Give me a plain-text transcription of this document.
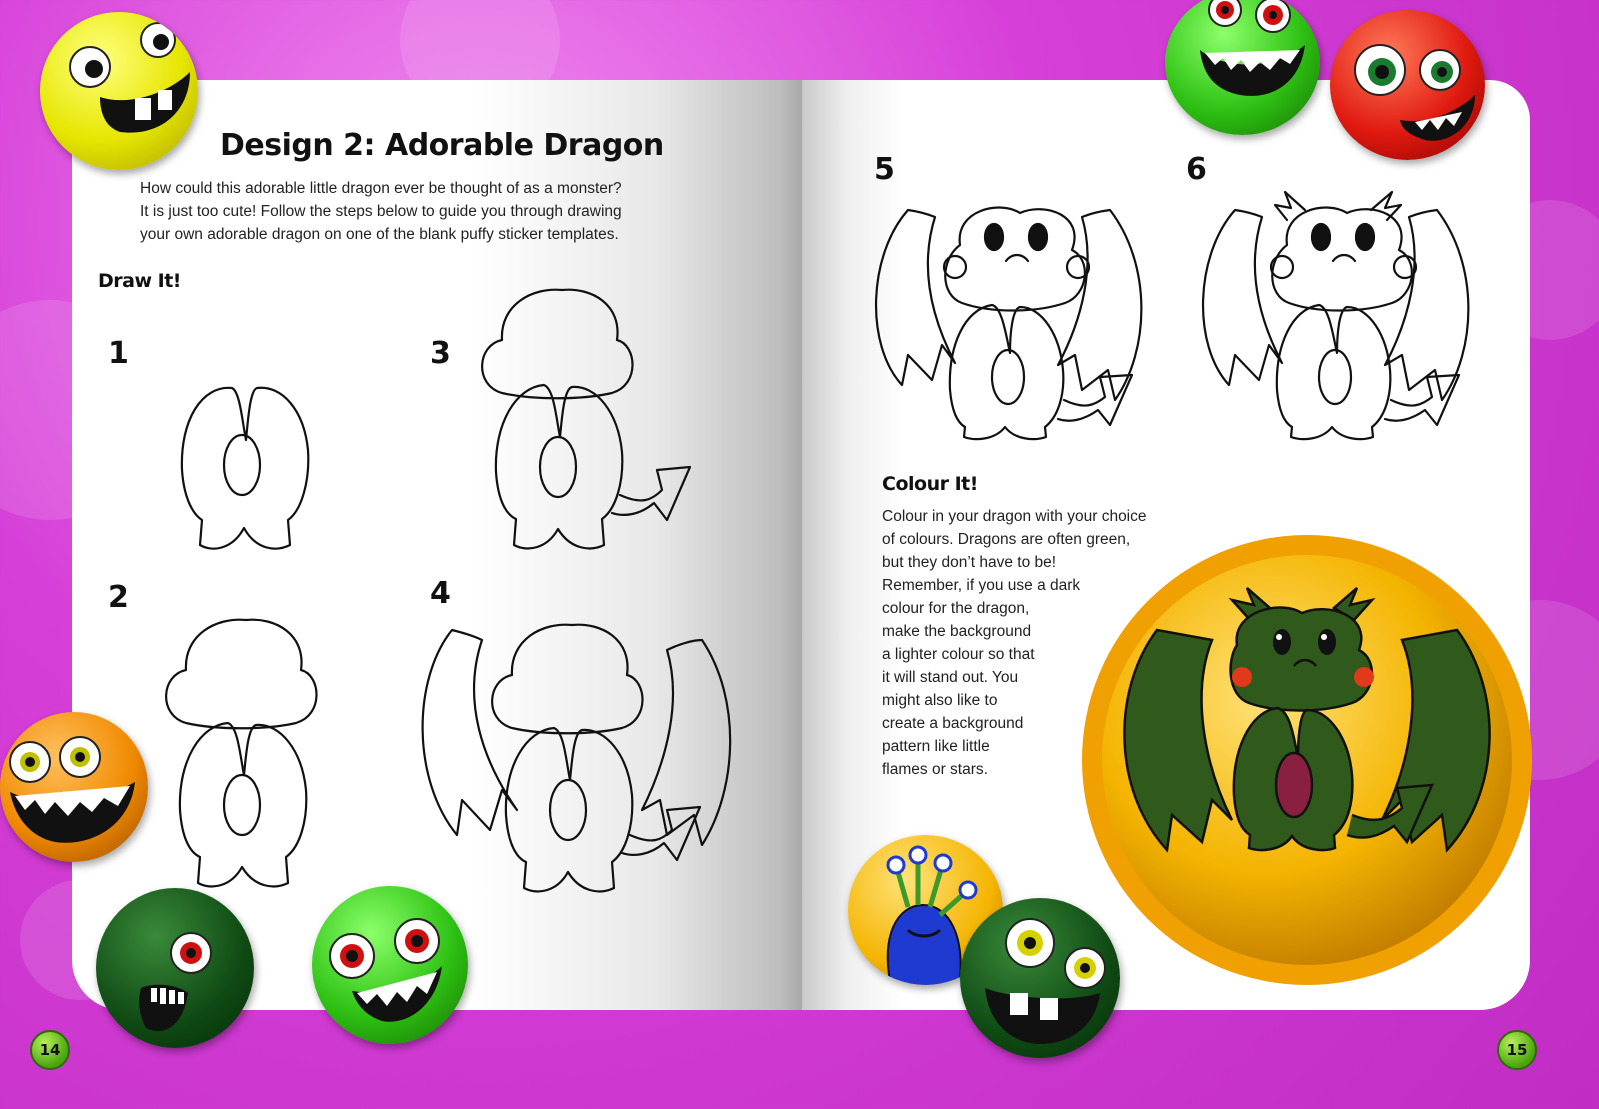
Design 2: Adorable Dragon
How could this adorable little dragon ever be thought of as a monster?
It is just too cute! Follow the steps below to guide you through drawing
your own adorable dragon on one of the blank puffy sticker templates.
Draw It!
1
2
3
4
5	6
Colour It!
Colour in your dragon with your choice
of colours. Dragons are often green,
but they don’t have to be!
Remember, if you use a dark
colour for the dragon,
make the background
a lighter colour so that
it will stand out. You
might also like to
create a background
pattern like little
flames or stars.
14	15
